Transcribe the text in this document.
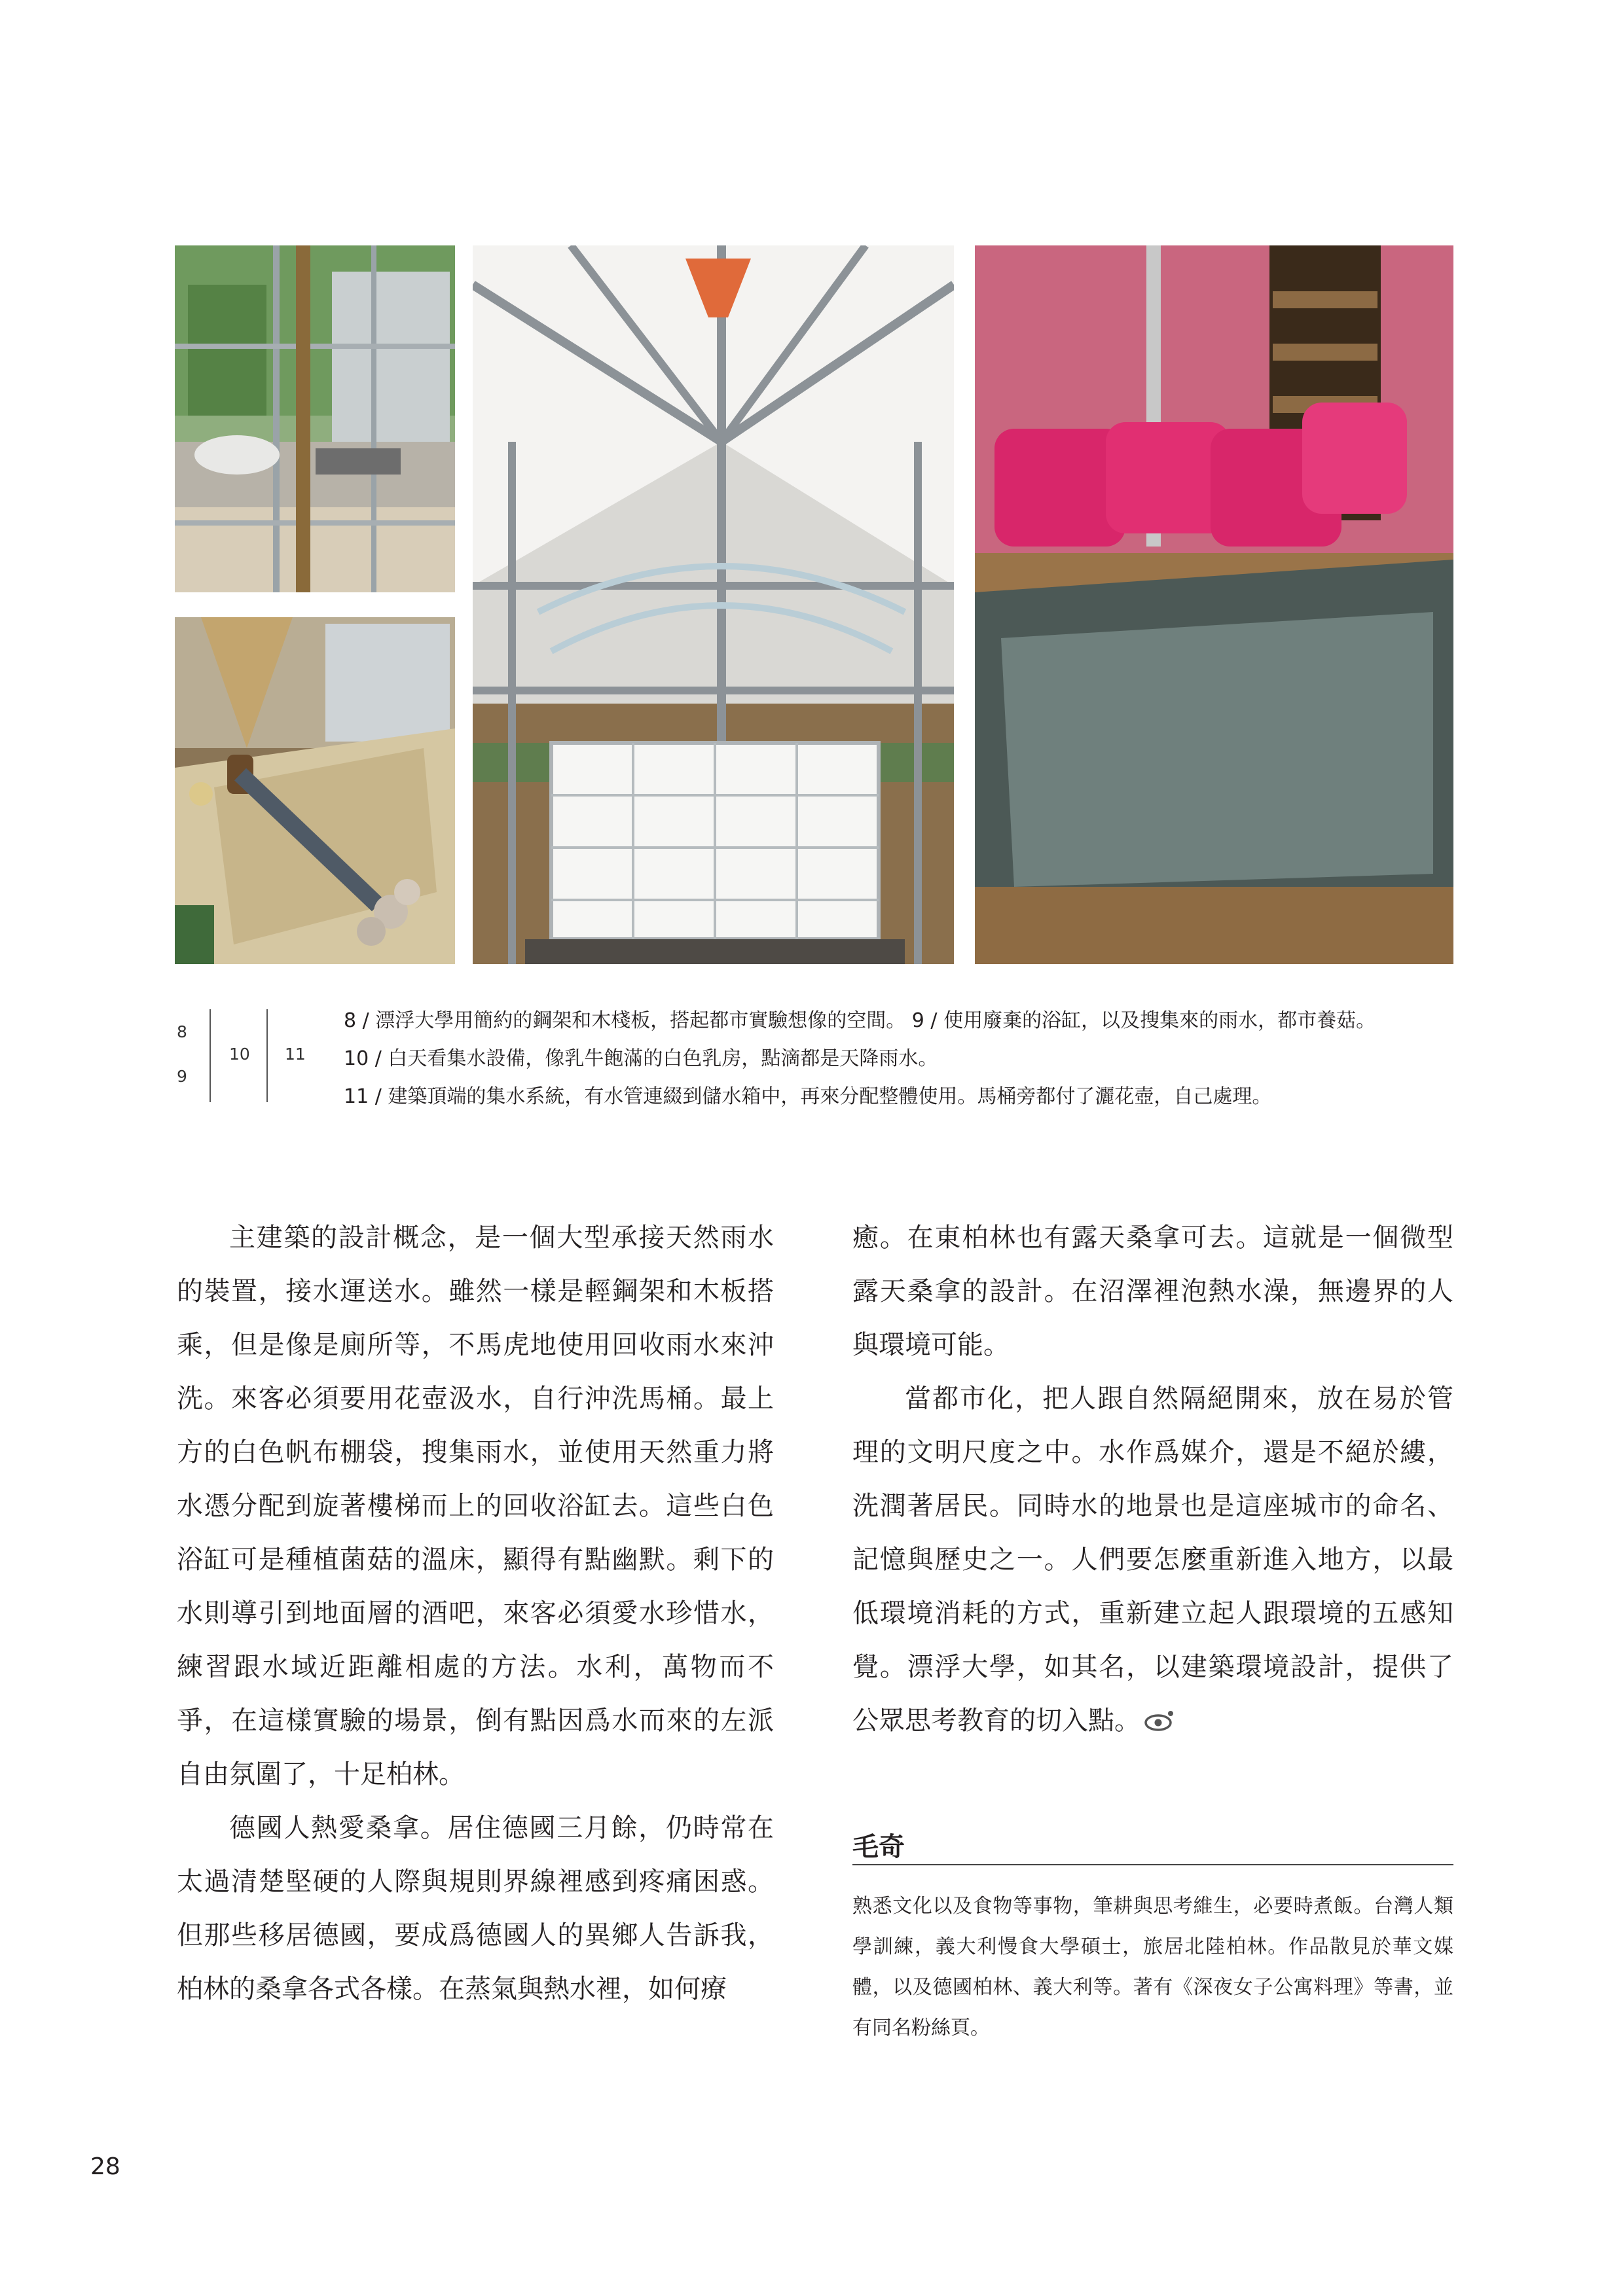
8
9
10 11
8 / 漂浮大學用簡約的鋼架和木棧板，搭起都市實驗想像的空間。 9 / 使用廢棄的浴缸，以及搜集來的雨水，都市養菇。
10 / 白天看集水設備，像乳牛飽滿的白色乳房，點滴都是天降雨水。
11 / 建築頂端的集水系統，有水管連綴到儲水箱中，再來分配整體使用。馬桶旁都付了灑花壺，自己處理。

主建築的設計概念，是一個大型承接天然雨水的裝置，接水運送水。雖然一樣是輕鋼架和木板搭乘，但是像是廁所等，不馬虎地使用回收雨水來沖洗。來客必須要用花壺汲水，自行沖洗馬桶。最上方的白色帆布棚袋，搜集雨水，並使用天然重力將水憑分配到旋著樓梯而上的回收浴缸去。這些白色浴缸可是種植菌菇的溫床，顯得有點幽默。剩下的水則導引到地面層的酒吧，來客必須愛水珍惜水，練習跟水域近距離相處的方法。水利，萬物而不爭，在這樣實驗的場景，倒有點因爲水而來的左派自由氛圍了，十足柏林。

德國人熱愛桑拿。居住德國三月餘，仍時常在太過清楚堅硬的人際與規則界線裡感到疼痛困惑。但那些移居德國，要成爲德國人的異鄉人告訴我，柏林的桑拿各式各樣。在蒸氣與熱水裡，如何療

癒。在東柏林也有露天桑拿可去。這就是一個微型露天桑拿的設計。在沼澤裡泡熱水澡，無邊界的人與環境可能。

當都市化，把人跟自然隔絕開來，放在易於管理的文明尺度之中。水作爲媒介，還是不絕於縷，洗潤著居民。同時水的地景也是這座城市的命名、記憶與歷史之一。人們要怎麼重新進入地方，以最低環境消耗的方式，重新建立起人跟環境的五感知覺。漂浮大學，如其名，以建築環境設計，提供了公眾思考教育的切入點。

毛奇
熟悉文化以及食物等事物，筆耕與思考維生，必要時煮飯。台灣人類學訓練，義大利慢食大學碩士，旅居北陸柏林。作品散見於華文媒體，以及德國柏林、義大利等。著有《深夜女子公寓料理》等書，並有同名粉絲頁。
28
